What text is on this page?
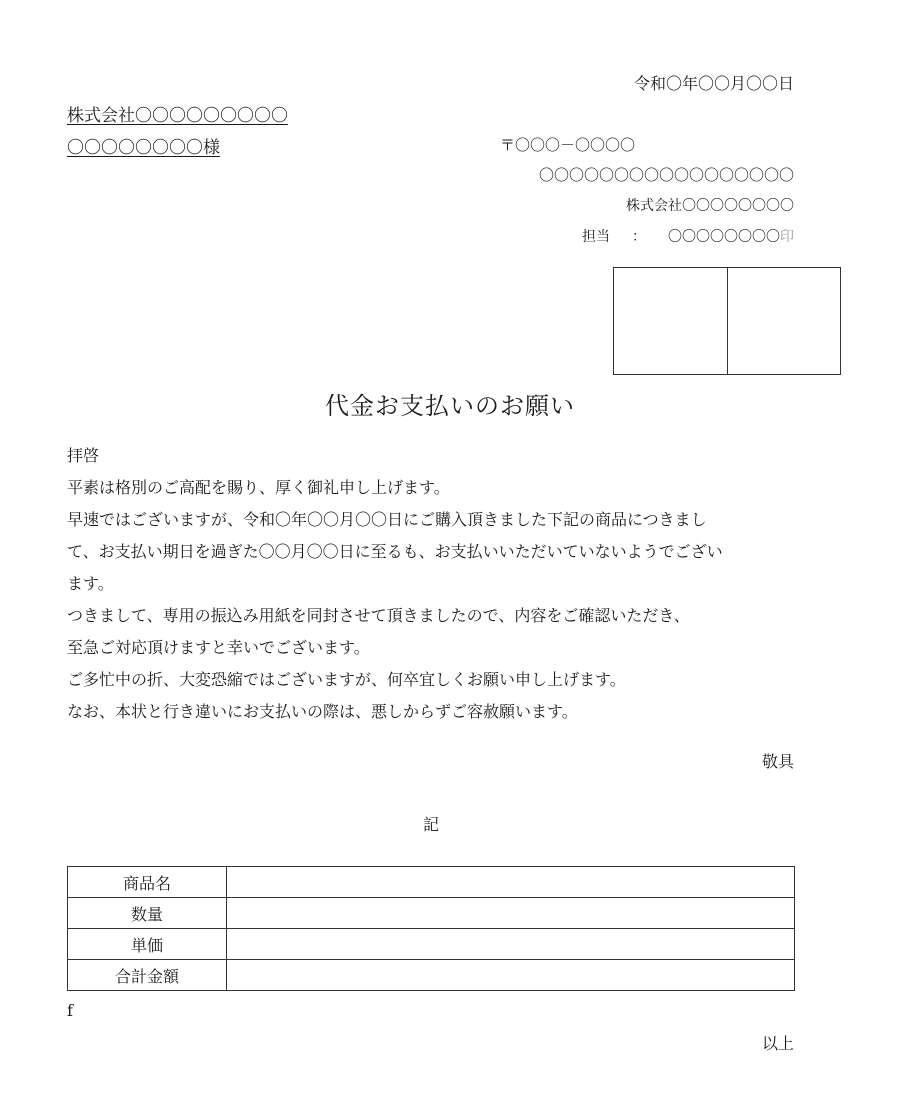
令和〇年〇〇月〇〇日
株式会社〇〇〇〇〇〇〇〇〇
〇〇〇〇〇〇〇〇様	〒〇〇〇－〇〇〇〇
〇〇〇〇〇〇〇〇〇〇〇〇〇〇〇〇〇
株式会社〇〇〇〇〇〇〇〇
担当 ： 〇〇〇〇〇〇〇〇印
代金お支払いのお願い
拝啓
平素は格別のご高配を賜り、厚く御礼申し上げます。
早速ではございますが、令和〇年〇〇月〇〇日にご購入頂きました下記の商品につきまし
て、お支払い期日を過ぎた〇〇月〇〇日に至るも、お支払いいただいていないようでござい
ます。
つきまして、専用の振込み用紙を同封させて頂きましたので、内容をご確認いただき、
至急ご対応頂けますと幸いでございます。
ご多忙中の折、大変恐縮ではございますが、何卒宜しくお願い申し上げます。
なお、本状と行き違いにお支払いの際は、悪しからずご容赦願います。
敬具
記
商品名	
数量	
単価	
合計金額	
f
以上
